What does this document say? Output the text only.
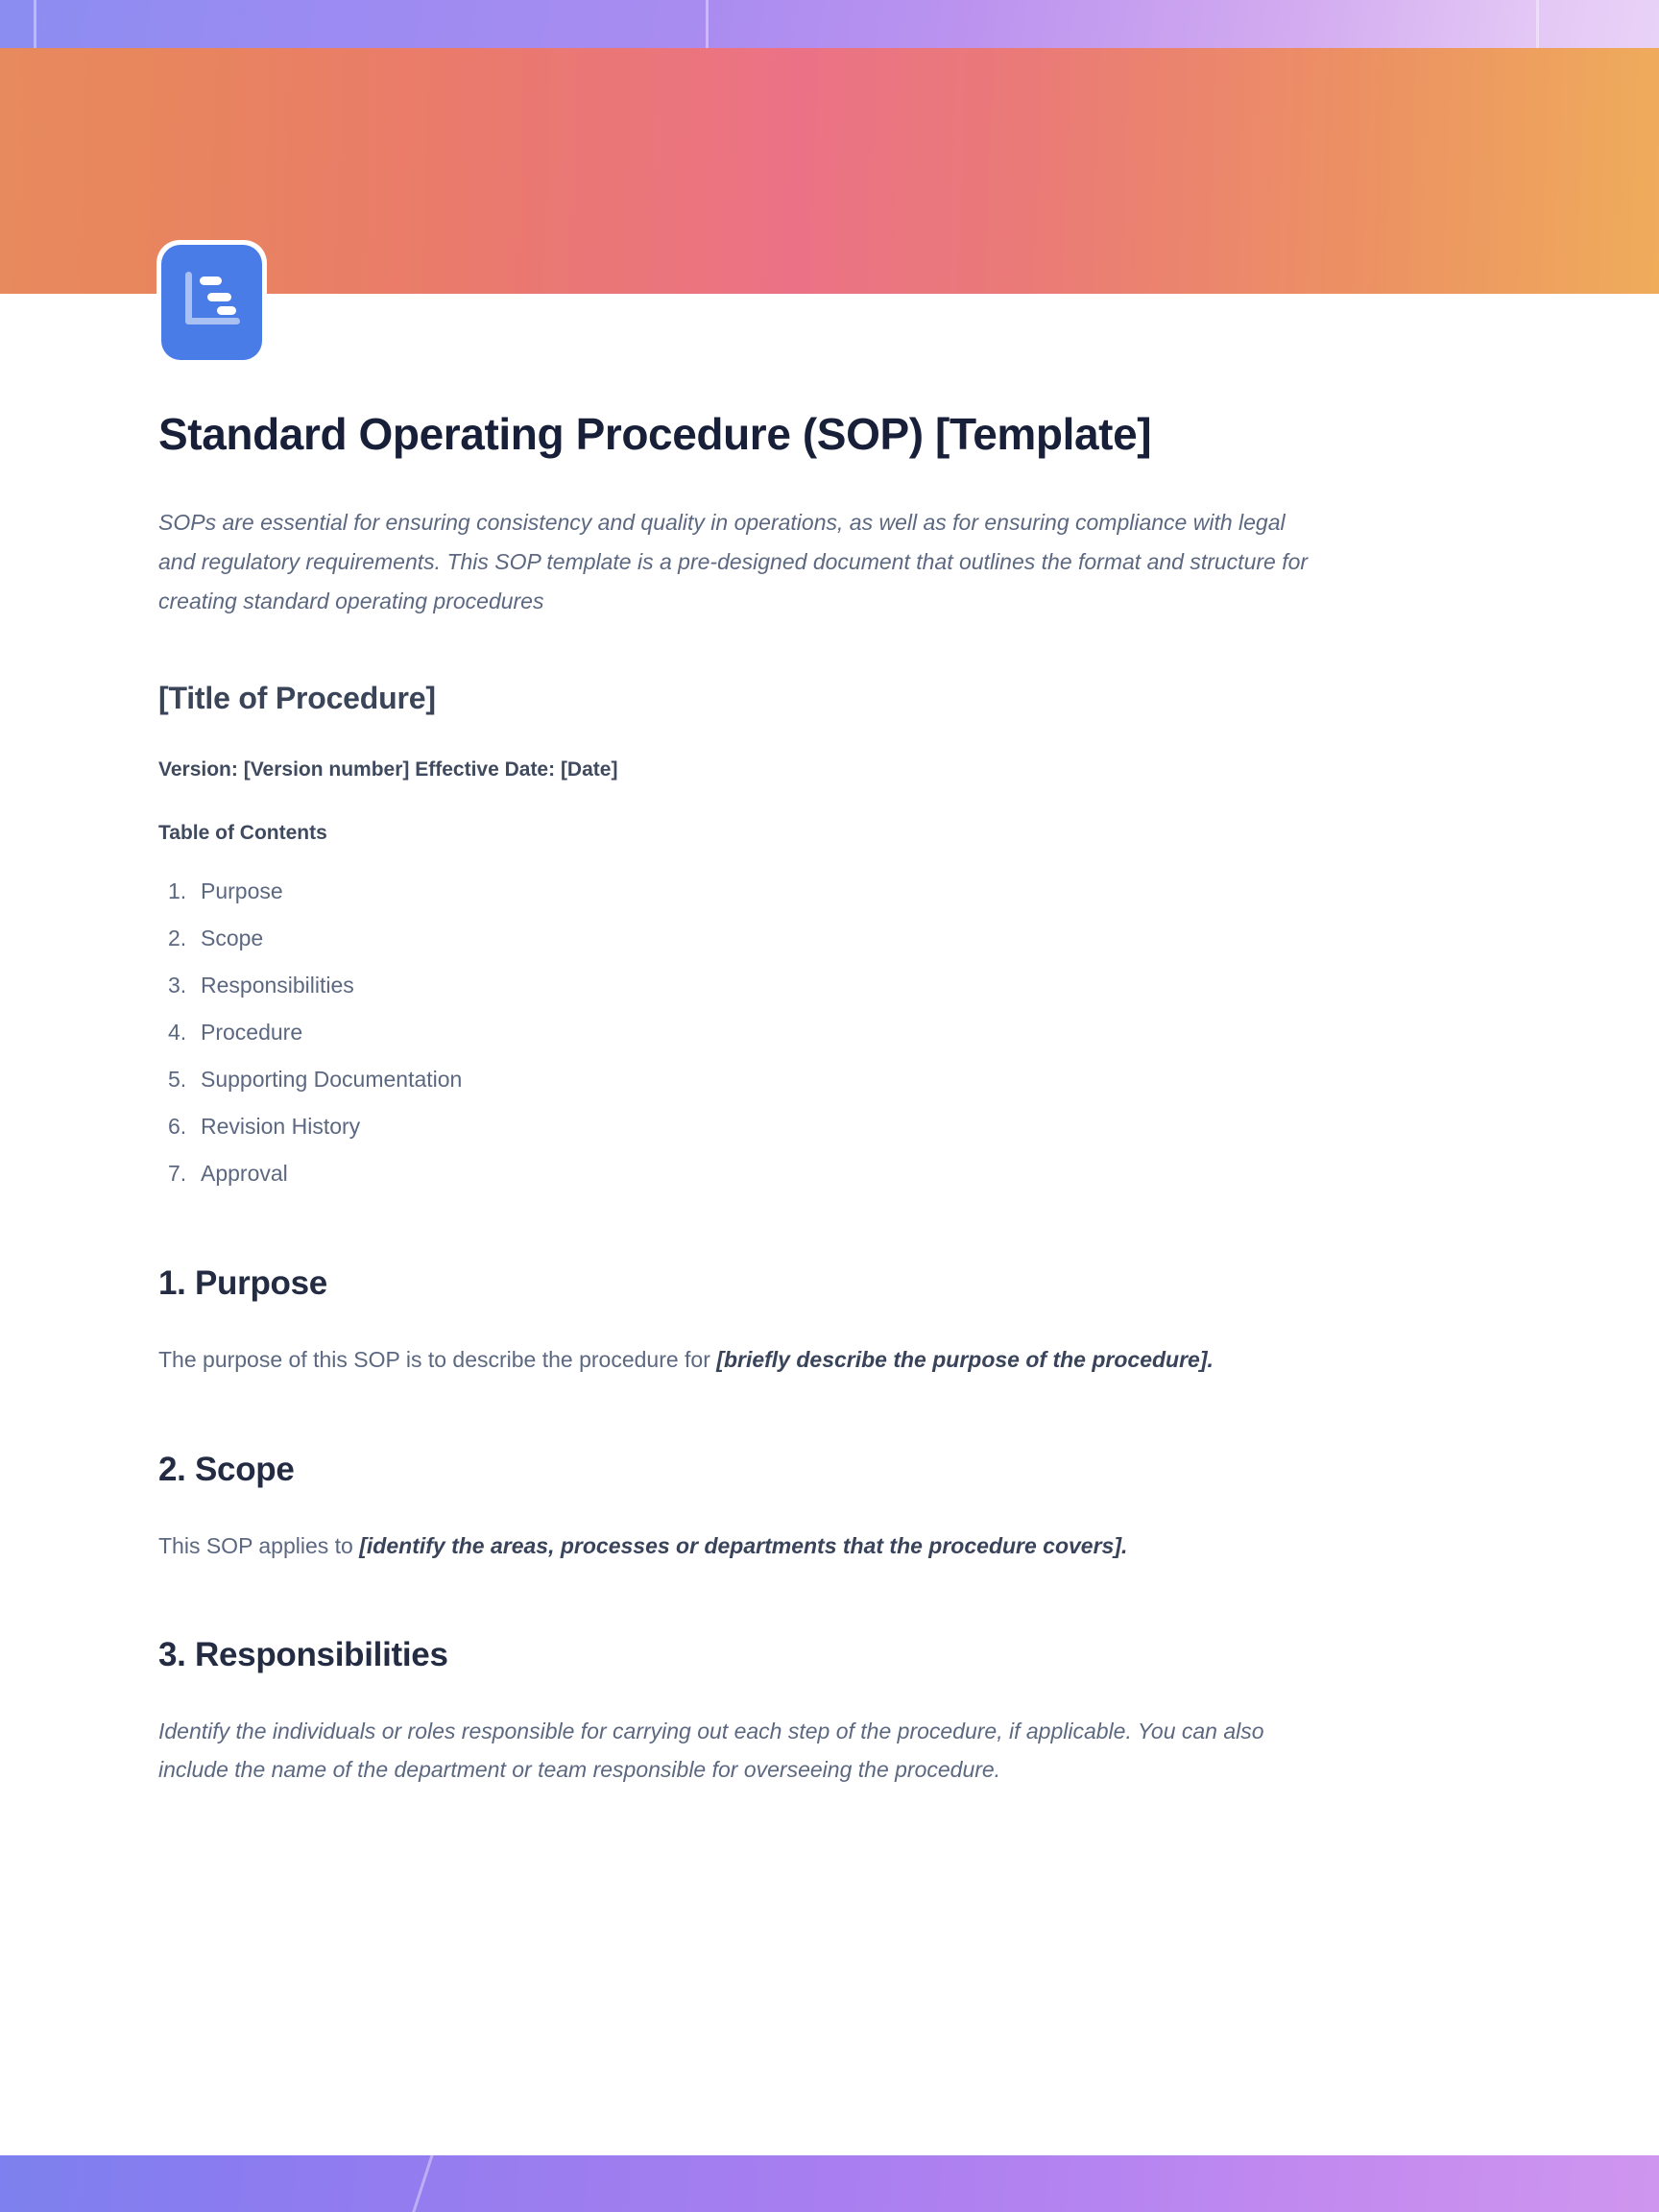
Standard Operating Procedure (SOP) [Template]

SOPs are essential for ensuring consistency and quality in operations, as well as for ensuring compliance with legal and regulatory requirements. This SOP template is a pre-designed document that outlines the format and structure for creating standard operating procedures

[Title of Procedure]

Version: [Version number] Effective Date: [Date]

Table of Contents

1. Purpose
2. Scope
3. Responsibilities
4. Procedure
5. Supporting Documentation
6. Revision History
7. Approval
1. Purpose

The purpose of this SOP is to describe the procedure for [briefly describe the purpose of the procedure].

2. Scope

This SOP applies to [identify the areas, processes or departments that the procedure covers].

3. Responsibilities

Identify the individuals or roles responsible for carrying out each step of the procedure, if applicable. You can also include the name of the department or team responsible for overseeing the procedure.
